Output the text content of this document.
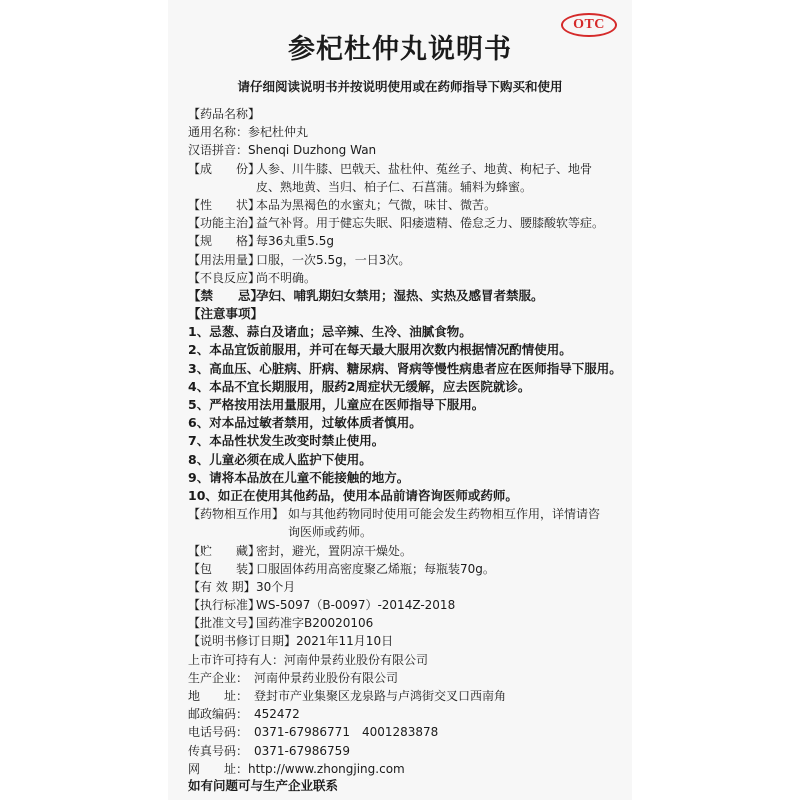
OTC
参杞杜仲丸说明书
请仔细阅读说明书并按说明使用或在药师指导下购买和使用
【药品名称】
通用名称：参杞杜仲丸
汉语拼音：Shenqi Duzhong Wan
【成　　份】
人参、川牛膝、巴戟天、盐杜仲、菟丝子、地黄、枸杞子、地骨
皮、熟地黄、当归、柏子仁、石菖蒲。辅料为蜂蜜。
【性　　状】
本品为黑褐色的水蜜丸；气微，味甘、微苦。
【功能主治】
益气补肾。用于健忘失眠、阳痿遗精、倦怠乏力、腰膝酸软等症。
【规　　格】
每36丸重5.5g
【用法用量】
口服，一次5.5g，一日3次。
【不良反应】
尚不明确。
【禁　　忌】
孕妇、哺乳期妇女禁用；湿热、实热及感冒者禁服。
【注意事项】
1、忌葱、蒜白及诸血；忌辛辣、生冷、油腻食物。
2、本品宜饭前服用，并可在每天最大服用次数内根据情况酌情使用。
3、高血压、心脏病、肝病、糖尿病、肾病等慢性病患者应在医师指导下服用。
4、本品不宜长期服用，服药2周症状无缓解，应去医院就诊。
5、严格按用法用量服用，儿童应在医师指导下服用。
6、对本品过敏者禁用，过敏体质者慎用。
7、本品性状发生改变时禁止使用。
8、儿童必须在成人监护下使用。
9、请将本品放在儿童不能接触的地方。
10、如正在使用其他药品，使用本品前请咨询医师或药师。
【药物相互作用】 如与其他药物同时使用可能会发生药物相互作用，详情请咨
询医师或药师。
【贮　　藏】
密封，避光，置阴凉干燥处。
【包　　装】
口服固体药用高密度聚乙烯瓶；每瓶装70g。
【有 效 期】 30个月
【执行标准】
WS-5097（B-0097）-2014Z-2018
【批准文号】
国药准字B20020106
【说明书修订日期】 2021年11月10日
上市许可持有人：河南仲景药业股份有限公司
生产企业：　河南仲景药业股份有限公司
地　　址：　登封市产业集聚区龙泉路与卢鸿街交叉口西南角
邮政编码：　452472
电话号码：　0371-67986771　4001283878
传真号码：　0371-67986759
网　　址：http://www.zhongjing.com
如有问题可与生产企业联系
